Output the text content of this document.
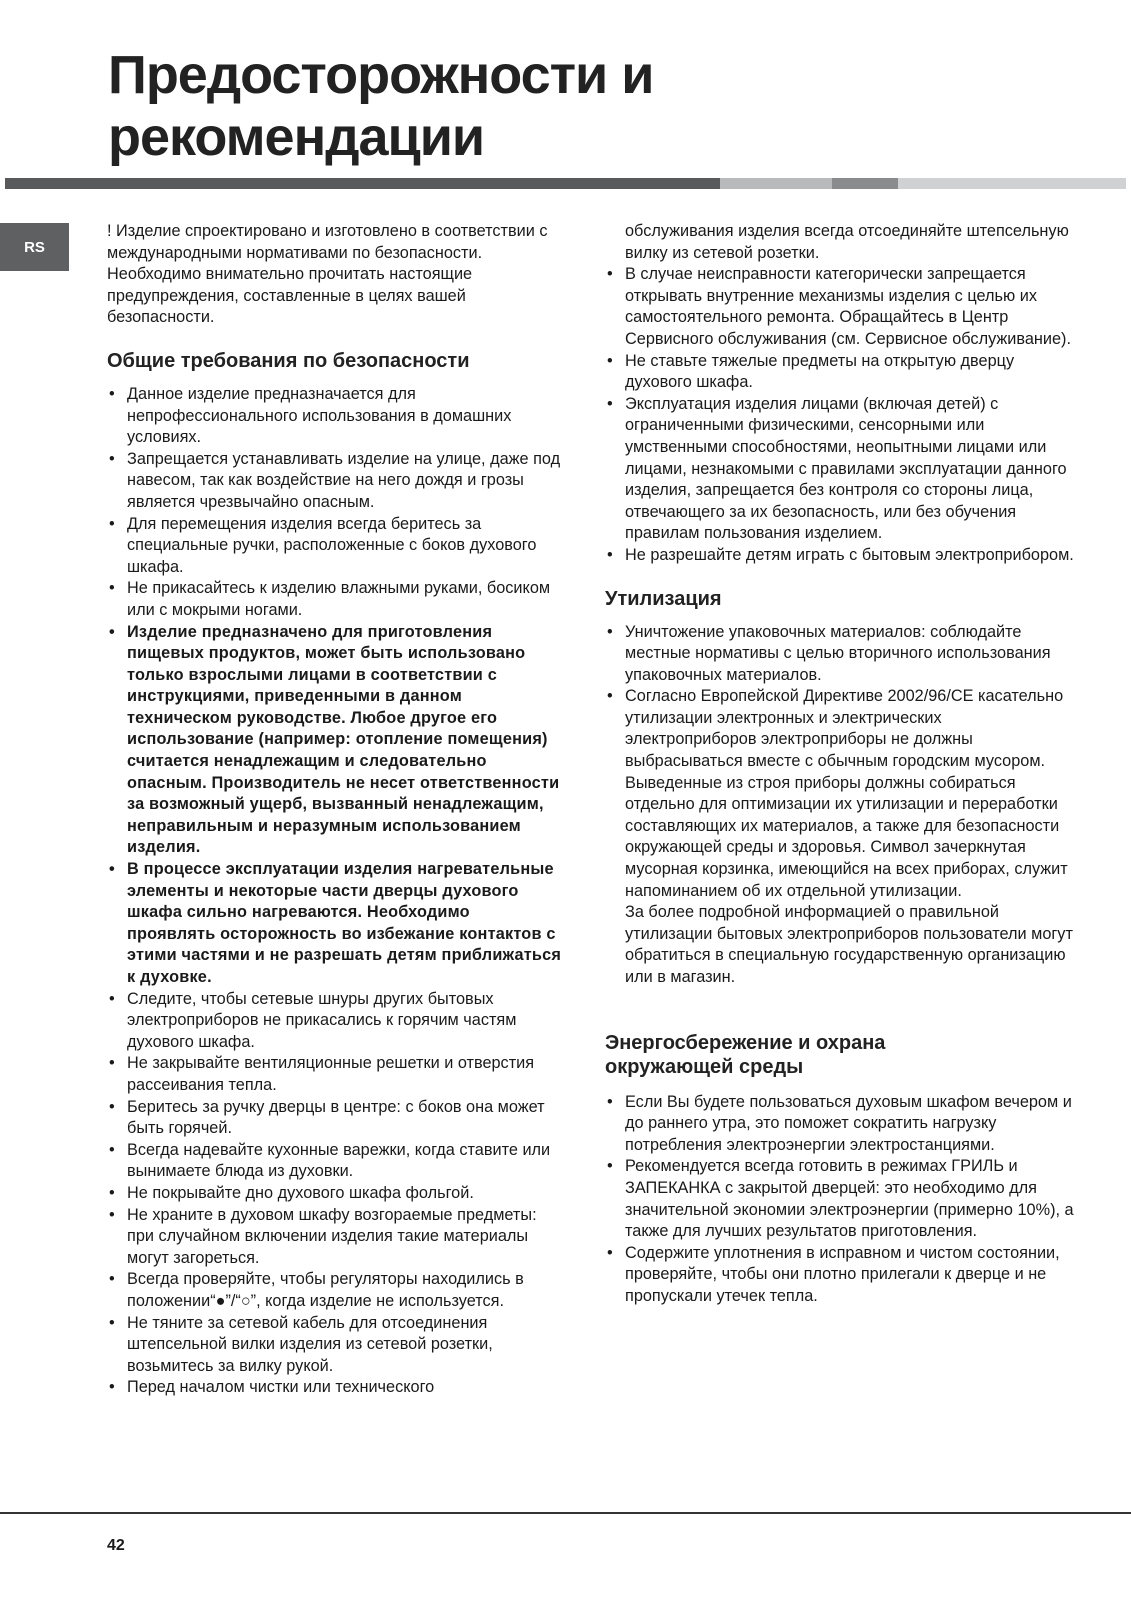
Предосторожности и
рекомендации
RS

! Изделие спроектировано и изготовлено в соответствии с международными нормативами по безопасности. Необходимо внимательно прочитать настоящие предупреждения, составленные в целях вашей безопасности.

Общие требования по безопасности
• Данное изделие предназначается для непрофессионального использования в домашних условиях.
• Запрещается устанавливать изделие на улице, даже под навесом, так как воздействие на него дождя и грозы является чрезвычайно опасным.
• Для перемещения изделия всегда беритесь за специальные ручки, расположенные с боков духового шкафа.
• Не прикасайтесь к изделию влажными руками, босиком или с мокрыми ногами.
• Изделие предназначено для приготовления пищевых продуктов, может быть использовано только взрослыми лицами в соответствии с инструкциями, приведенными в данном техническом руководстве. Любое другое его использование (например: отопление помещения) считается ненадлежащим и следовательно опасным. Производитель не несет ответственности за возможный ущерб, вызванный ненадлежащим, неправильным и неразумным использованием изделия.
• В процессе эксплуатации изделия нагревательные элементы и некоторые части дверцы духового шкафа сильно нагреваются. Необходимо проявлять осторожность во избежание контактов с этими частями и не разрешать детям приближаться к духовке.
• Следите, чтобы сетевые шнуры других бытовых электроприборов не прикасались к горячим частям духового шкафа.
• Не закрывайте вентиляционные решетки и отверстия рассеивания тепла.
• Беритесь за ручку дверцы в центре: с боков она может быть горячей.
• Всегда надевайте кухонные варежки, когда ставите или вынимаете блюда из духовки.
• Не покрывайте дно духового шкафа фольгой.
• Не храните в духовом шкафу возгораемые предметы: при случайном включении изделия такие материалы могут загореться.
• Всегда проверяйте, чтобы регуляторы находились в положении“●”/“○”, когда изделие не используется.
• Не тяните за сетевой кабель для отсоединения штепсельной вилки изделия из сетевой розетки, возьмитесь за вилку рукой.
• Перед началом чистки или технического

обслуживания изделия всегда отсоединяйте штепсельную вилку из сетевой розетки.

• В случае неисправности категорически запрещается открывать внутренние механизмы изделия с целью их самостоятельного ремонта. Обращайтесь в Центр Сервисного обслуживания (см. Сервисное обслуживание).
• Не ставьте тяжелые предметы на открытую дверцу духового шкафа.
• Эксплуатация изделия лицами (включая детей) с ограниченными физическими, сенсорными или умственными способностями, неопытными лицами или лицами, незнакомыми с правилами эксплуатации данного изделия, запрещается без контроля со стороны лица, отвечающего за их безопасность, или без обучения правилам пользования изделием.
• Не разрешайте детям играть с бытовым электроприбором.
Утилизация
• Уничтожение упаковочных материалов: соблюдайте местные нормативы с целью вторичного использования упаковочных материалов.
• Согласно Европейской Директиве 2002/96/CE касательно утилизации электронных и электрических электроприборов электроприборы не должны выбрасываться вместе с обычным городским мусором. Выведенные из строя приборы должны собираться отдельно для оптимизации их утилизации и переработки составляющих их материалов, а также для безопасности окружающей среды и здоровья. Символ зачеркнутая мусорная корзинка, имеющийся на всех приборах, служит напоминанием об их отдельной утилизации.

За более подробной информацией о правильной утилизации бытовых электроприборов пользователи могут обратиться в специальную государственную организацию или в магазин.

Энергосбережение и охрана
окружающей среды
• Если Вы будете пользоваться духовым шкафом вечером и до раннего утра, это поможет сократить нагрузку потребления электроэнергии электростанциями.
• Рекомендуется всегда готовить в режимах ГРИЛЬ и ЗАПЕКАНКА с закрытой дверцей: это необходимо для значительной экономии электроэнергии (примерно 10%), а также для лучших результатов приготовления.
• Содержите уплотнения в исправном и чистом состоянии, проверяйте, чтобы они плотно прилегали к дверце и не пропускали утечек тепла.
42
